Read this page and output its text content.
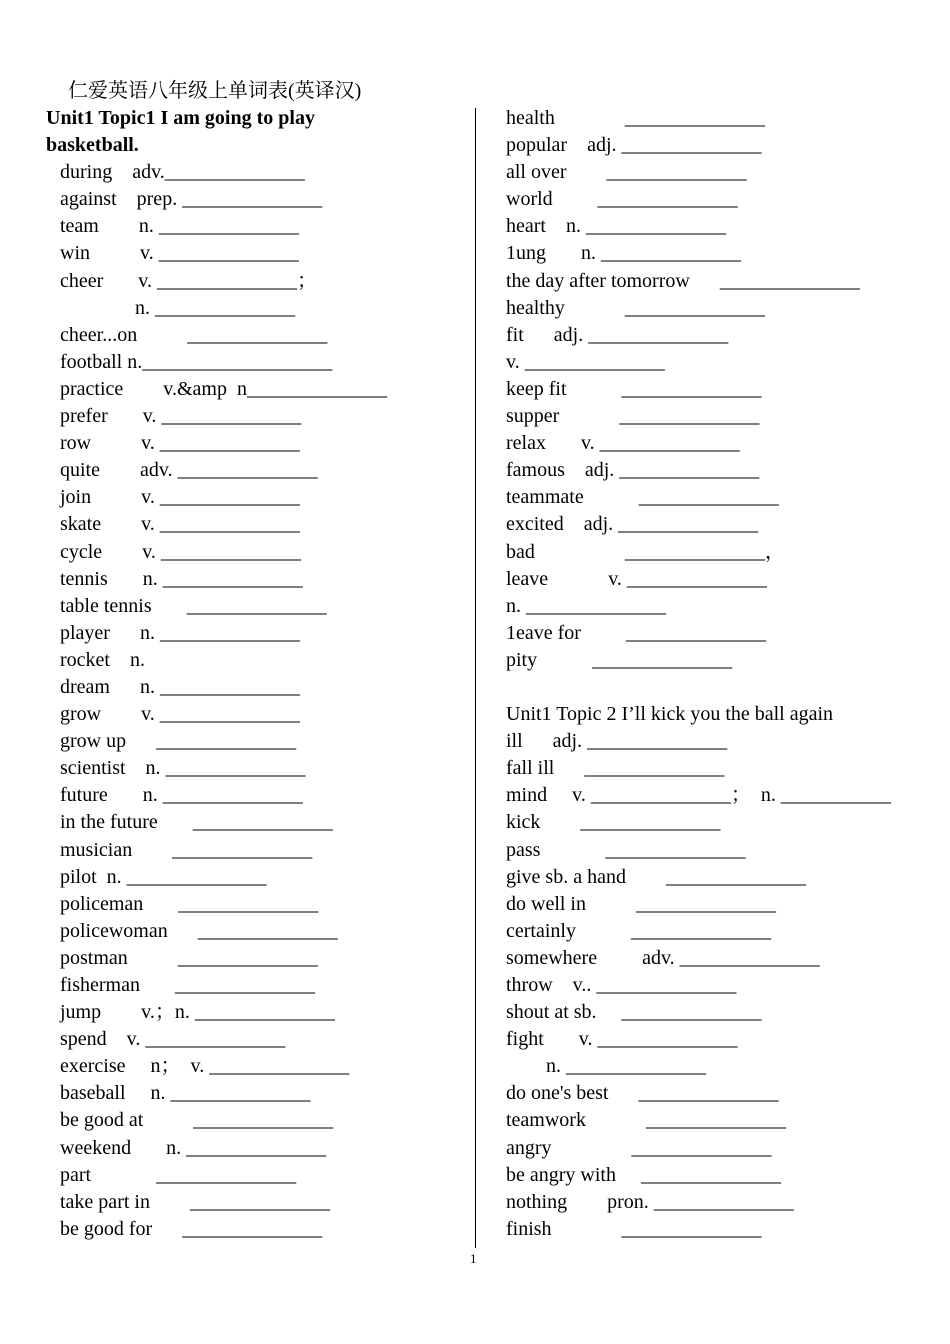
仁爱英语八年级上单词表(英译汉)
Unit1 Topic1 I am going to play
basketball.
during    adv.______________
against    prep. ______________
team        n. ______________
win          v. ______________
cheer       v. ______________；
n. ______________
cheer...on          ______________
football n.___________________
practice        v.&amp  n______________
prefer       v. ______________
row          v. ______________
quite        adv. ______________
join          v. ______________
skate        v. ______________
cycle        v. ______________
tennis       n. ______________
table tennis       ______________
player      n. ______________
rocket    n.
dream      n. ______________
grow        v. ______________
grow up      ______________
scientist    n. ______________
future       n. ______________
in the future       ______________
musician        ______________
pilot  n. ______________
policeman       ______________
policewoman      ______________
postman          ______________
fisherman       ______________
jump        v.；n. ______________
spend    v. ______________
exercise     n；  v. ______________
baseball     n. ______________
be good at          ______________
weekend       n. ______________
part             ______________
take part in        ______________
be good for      ______________
health              ______________
popular    adj. ______________
all over        ______________
world         ______________
heart    n. ______________
1ung       n. ______________
the day after tomorrow      ______________
healthy            ______________
fit      adj. ______________
v. ______________
keep fit           ______________
supper            ______________
relax       v. ______________
famous    adj. ______________
teammate           ______________
excited    adj. ______________
bad                  ______________，
leave            v. ______________
n. ______________
1eave for         ______________
pity           ______________
Unit1 Topic 2 I’ll kick you the ball again
ill      adj. ______________
fall ill      ______________
mind     v. ______________；  n. ___________
kick        ______________
pass             ______________
give sb. a hand        ______________
do well in          ______________
certainly           ______________
somewhere         adv. ______________
throw    v.. ______________
shout at sb.     ______________
fight       v. ______________
n. ______________
do one's best      ______________
teamwork            ______________
angry                ______________
be angry with     ______________
nothing        pron. ______________
finish              ______________
1
